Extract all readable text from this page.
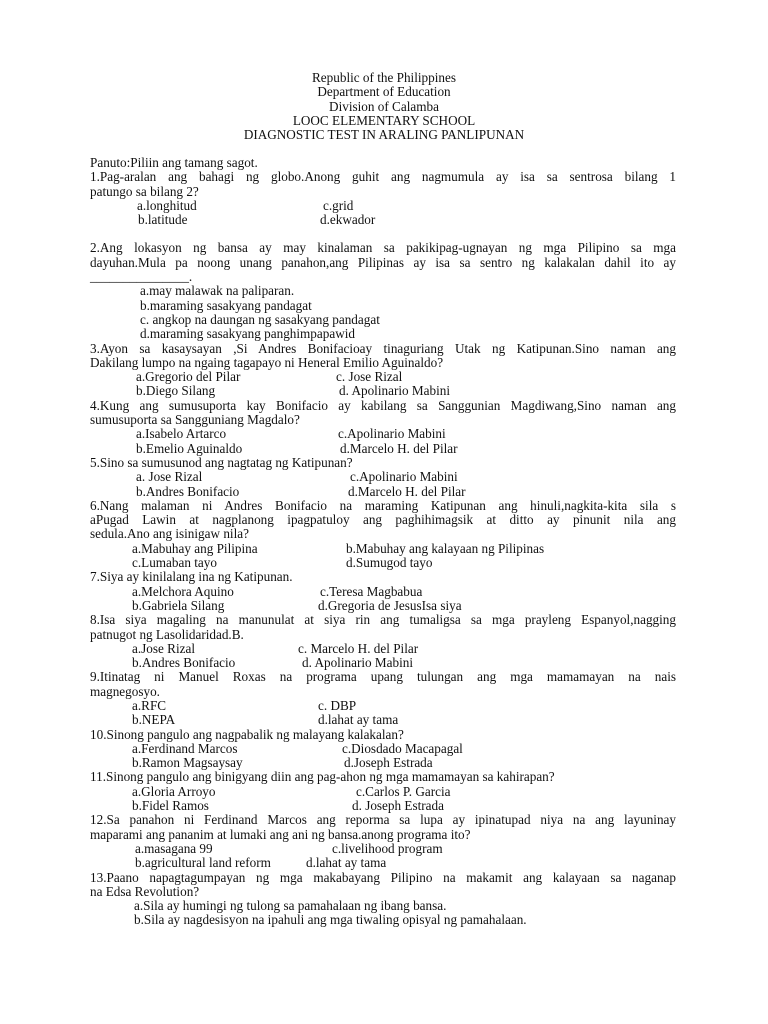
Republic of the Philippines
Department of Education
Division of Calamba
LOOC ELEMENTARY SCHOOL
DIAGNOSTIC TEST IN ARALING PANLIPUNAN
Panuto:Piliin ang tamang sagot.
1.Pag-aralan ang bahagi ng globo.Anong guhit ang nagmumula ay isa sa sentrosa bilang 1
patungo sa bilang 2?
a.longhitud	c.grid
b.latitude	d.ekwador
2.Ang lokasyon ng bansa ay may kinalaman sa pakikipag-ugnayan ng mga Pilipino sa mga
dayuhan.Mula pa noong unang panahon,ang Pilipinas ay isa sa sentro ng kalakalan dahil ito ay
_______________.
a.may malawak na paliparan.
b.maraming sasakyang pandagat
c. angkop na daungan ng sasakyang pandagat
d.maraming sasakyang panghimpapawid
3.Ayon sa kasaysayan ,Si Andres Bonifacioay tinaguriang Utak ng Katipunan.Sino naman ang
Dakilang lumpo na ngaing tagapayo ni Heneral Emilio Aguinaldo?
a.Gregorio del Pilar	c. Jose Rizal
b.Diego Silang	d. Apolinario Mabini
4.Kung ang sumusuporta kay Bonifacio ay kabilang sa Sanggunian Magdiwang,Sino naman ang
sumusuporta sa Sangguniang Magdalo?
a.Isabelo Artarco	c.Apolinario Mabini
b.Emelio Aguinaldo	d.Marcelo H. del Pilar
5.Sino sa sumusunod ang nagtatag ng Katipunan?
a. Jose Rizal	c.Apolinario Mabini
b.Andres Bonifacio	d.Marcelo H. del Pilar
6.Nang malaman ni Andres Bonifacio na maraming Katipunan ang hinuli,nagkita-kita sila s
aPugad Lawin at nagplanong ipagpatuloy ang paghihimagsik at ditto ay pinunit nila ang
sedula.Ano ang isinigaw nila?
a.Mabuhay ang Pilipina	b.Mabuhay ang kalayaan ng Pilipinas
c.Lumaban tayo	d.Sumugod tayo
7.Siya ay kinilalang ina ng Katipunan.
a.Melchora Aquino	c.Teresa Magbabua
b.Gabriela Silang	d.Gregoria de JesusIsa siya
8.Isa siya magaling na manunulat at siya rin ang tumaligsa sa mga prayleng Espanyol,nagging
patnugot ng Lasolidaridad.B.
a.Jose Rizal	c. Marcelo H. del Pilar
b.Andres Bonifacio	d. Apolinario Mabini
9.Itinatag ni Manuel Roxas na programa upang tulungan ang mga mamamayan na nais
magnegosyo.
a.RFC	c. DBP
b.NEPA	d.lahat ay tama
10.Sinong pangulo ang nagpabalik ng malayang kalakalan?
a.Ferdinand Marcos	c.Diosdado Macapagal
b.Ramon Magsaysay	d.Joseph Estrada
11.Sinong pangulo ang binigyang diin ang pag-ahon ng mga mamamayan sa kahirapan?
a.Gloria Arroyo	c.Carlos P. Garcia
b.Fidel Ramos	d. Joseph Estrada
12.Sa panahon ni Ferdinand Marcos ang reporma sa lupa ay ipinatupad niya na ang layuninay
maparami ang pananim at lumaki ang ani ng bansa.anong programa ito?
a.masagana 99	c.livelihood program
b.agricultural land reform	d.lahat ay tama
13.Paano napagtagumpayan ng mga makabayang Pilipino na makamit ang kalayaan sa naganap
na Edsa Revolution?
a.Sila ay humingi ng tulong sa pamahalaan ng ibang bansa.
b.Sila ay nagdesisyon na ipahuli ang mga tiwaling opisyal ng pamahalaan.
